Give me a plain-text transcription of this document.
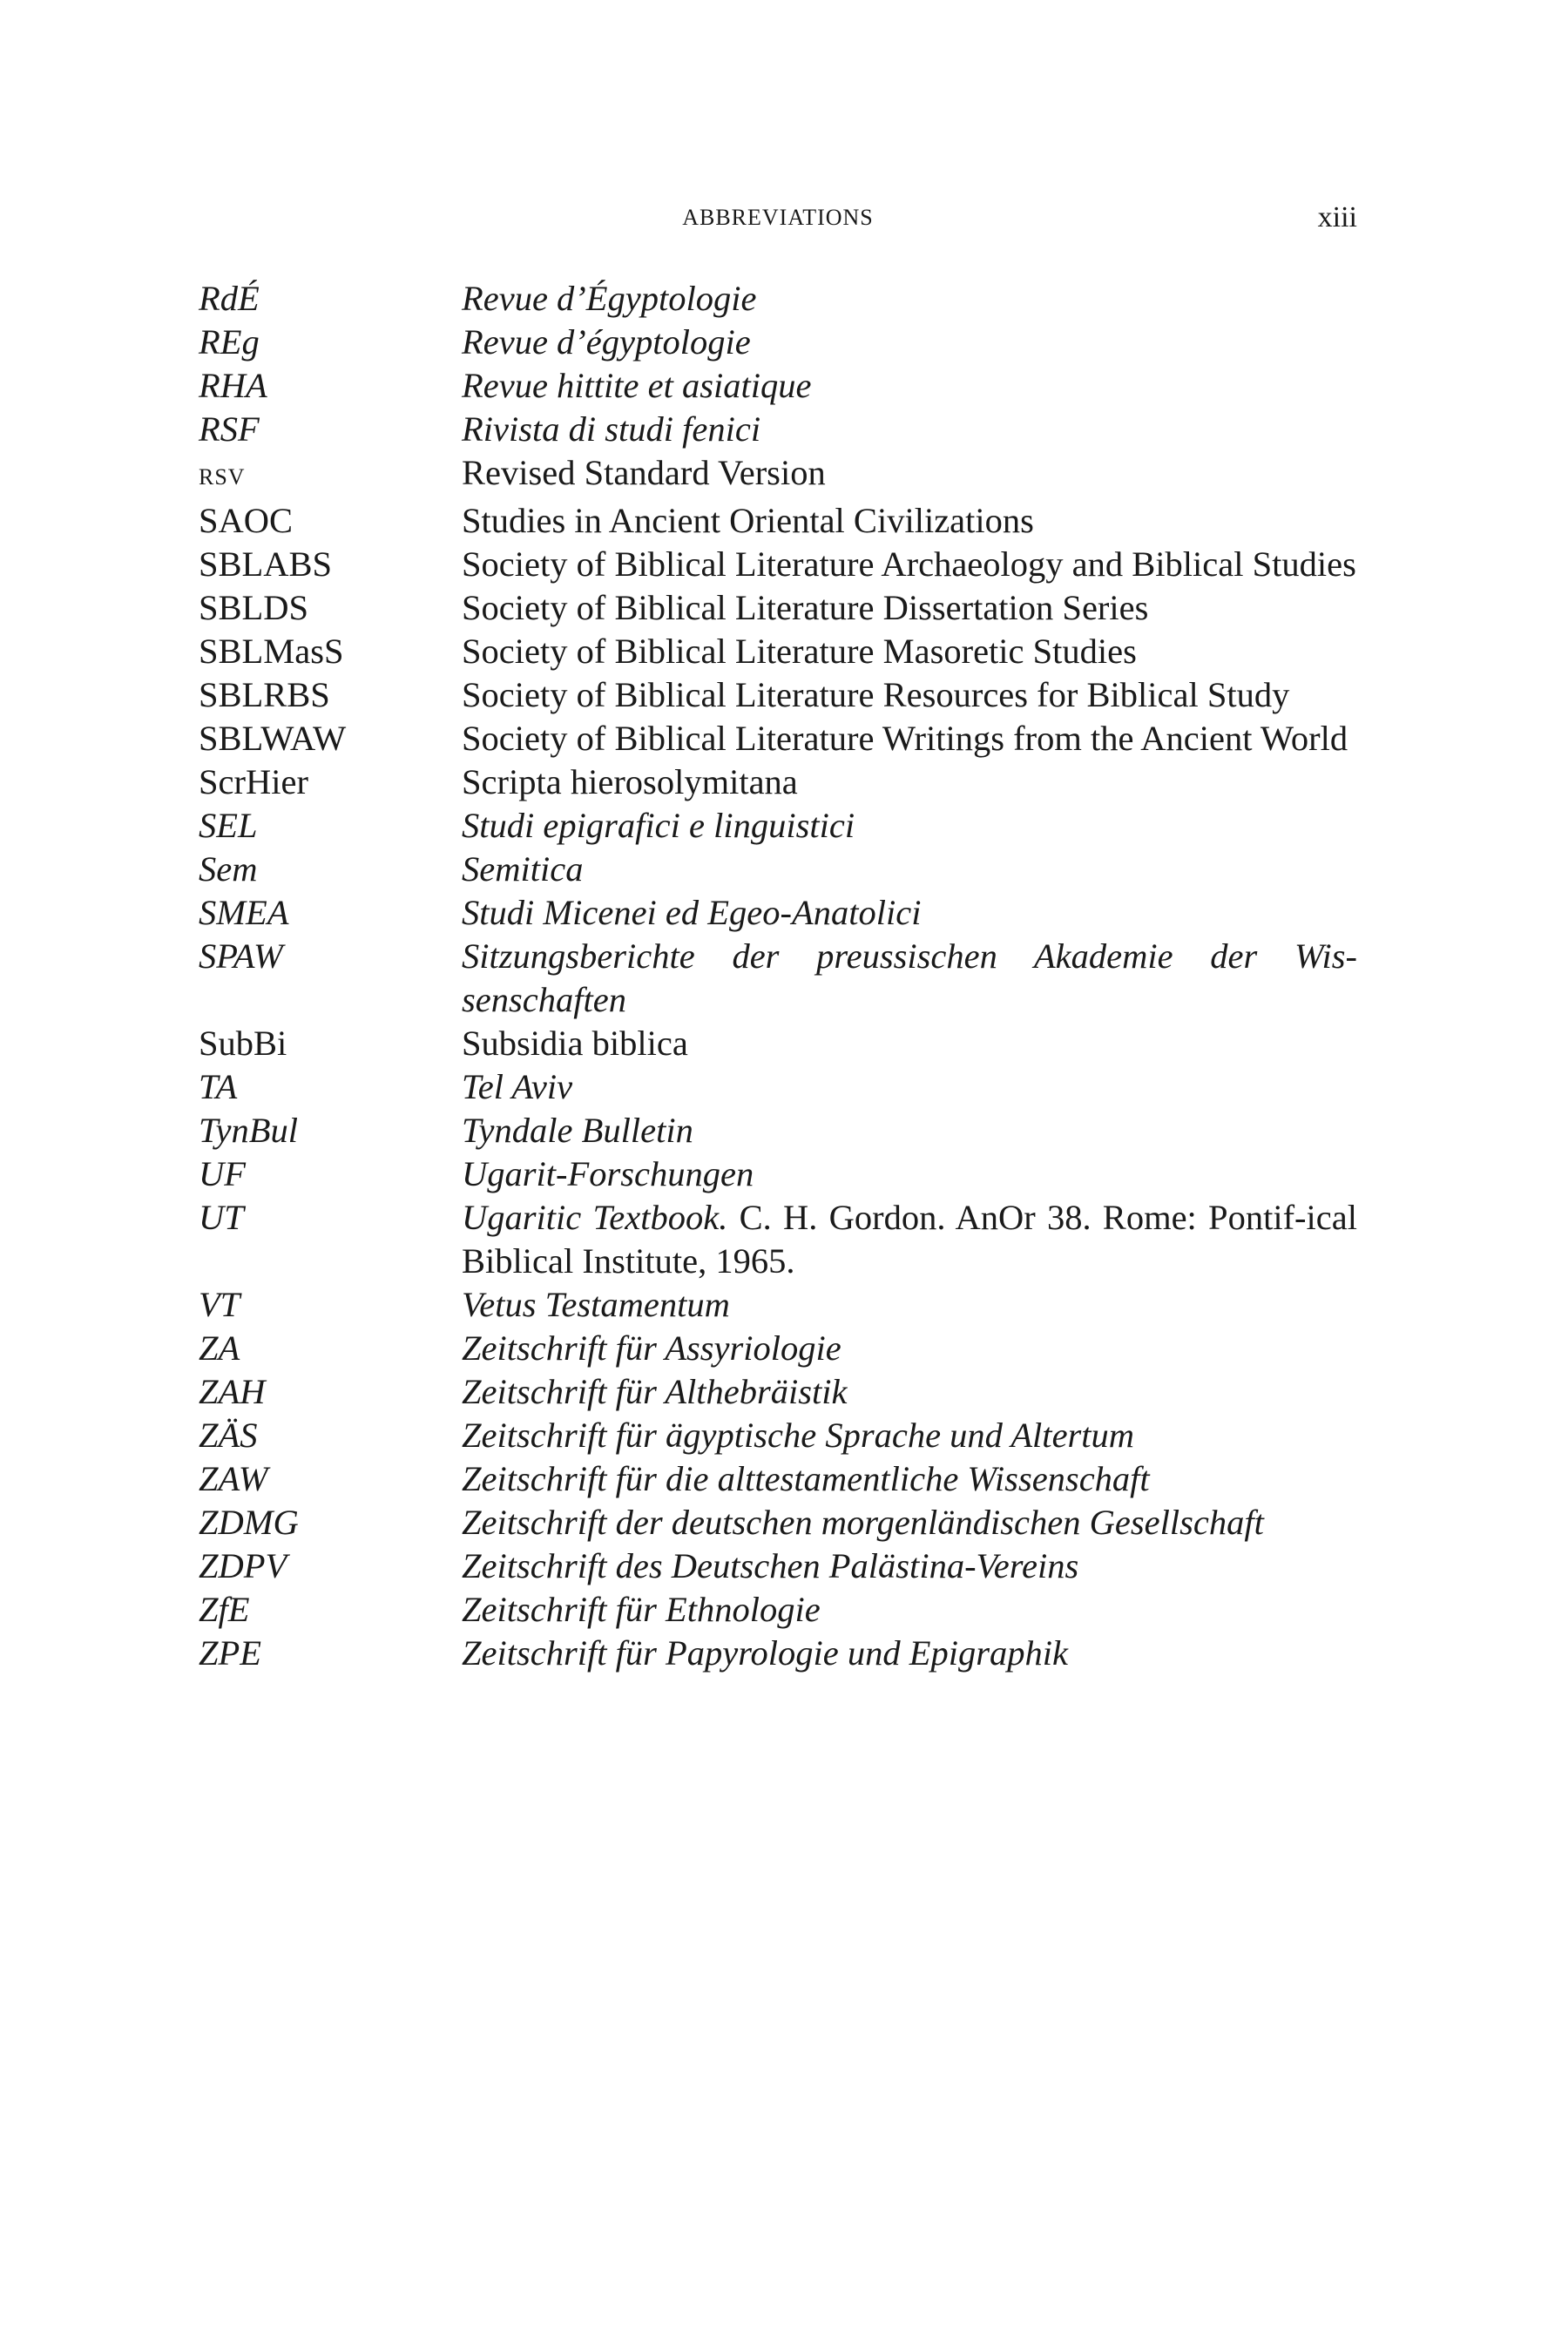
ABBREVIATIONS	xiii
RdÉ	Revue d’Égyptologie
REg	Revue d’égyptologie
RHA	Revue hittite et asiatique
RSF	Rivista di studi fenici
RSV	Revised Standard Version
SAOC	Studies in Ancient Oriental Civilizations
SBLABS	Society of Biblical Literature Archaeology and Biblical Studies
SBLDS	Society of Biblical Literature Dissertation Series
SBLMasS	Society of Biblical Literature Masoretic Studies
SBLRBS	Society of Biblical Literature Resources for Biblical Study
SBLWAW	Society of Biblical Literature Writings from the Ancient World
ScrHier	Scripta hierosolymitana
SEL	Studi epigrafici e linguistici
Sem	Semitica
SMEA	Studi Micenei ed Egeo-Anatolici
SPAW	Sitzungsberichte der preussischen Akademie der Wis-senschaften
SubBi	Subsidia biblica
TA	Tel Aviv
TynBul	Tyndale Bulletin
UF	Ugarit-Forschungen
UT	Ugaritic Textbook. C. H. Gordon. AnOr 38. Rome: Pontif-ical Biblical Institute, 1965.
VT	Vetus Testamentum
ZA	Zeitschrift für Assyriologie
ZAH	Zeitschrift für Althebräistik
ZÄS	Zeitschrift für ägyptische Sprache und Altertum
ZAW	Zeitschrift für die alttestamentliche Wissenschaft
ZDMG	Zeitschrift der deutschen morgenländischen Gesellschaft
ZDPV	Zeitschrift des Deutschen Palästina-Vereins
ZfE	Zeitschrift für Ethnologie
ZPE	Zeitschrift für Papyrologie und Epigraphik
